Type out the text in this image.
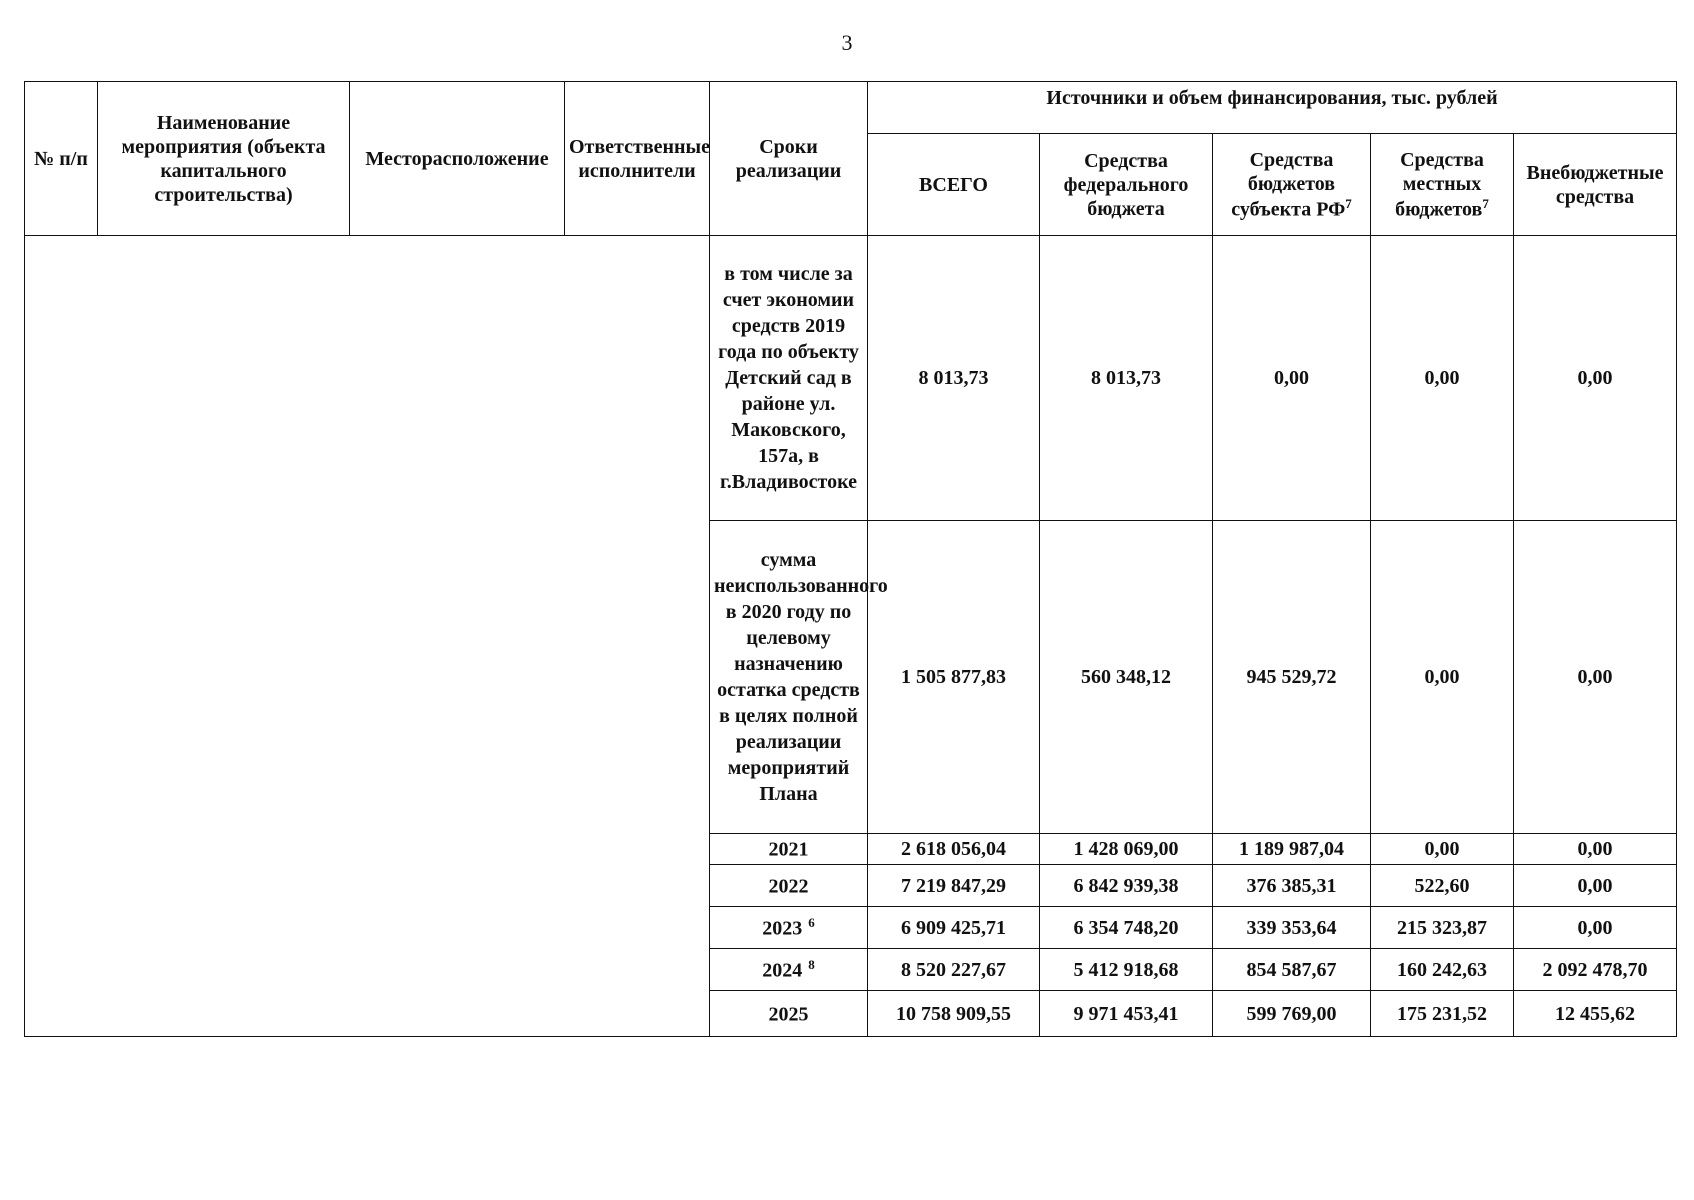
3
№ п/п	Наименование мероприятия (объекта капитального строительства)	Месторасположение	Ответственные исполнители	Сроки реализации	Источники и объем финансирования, тыс. рублей				
					ВСЕГО	Средства федерального бюджета	Средства бюджетов субъекта $РФ^7$	Средства местных бюджетов$^7$	Внебюджетные средства
				в том числе за счет экономии средств 2019 года по объекту Детский сад в районе ул. Маковского, 157а, в г.Владивостоке	8 013,73	8 013,73	0,00	0,00	0,00
				сумма неиспользованного в 2020 году по целевому назначению остатка средств в целях полной реализации мероприятий Плана	1 505 877,83	560 348,12	945 529,72	0,00	0,00
				2021	2 618 056,04	1 428 069,00	1 189 987,04	0,00	0,00
				2022	7 219 847,29	6 842 939,38	376 385,31	522,60	0,00
				2023 $^6$	6 909 425,71	6 354 748,20	339 353,64	215 323,87	0,00
				2024 $^8$	8 520 227,67	5 412 918,68	854 587,67	160 242,63	2 092 478,70
				2025	10 758 909,55	9 971 453,41	599 769,00	175 231,52	12 455,62
